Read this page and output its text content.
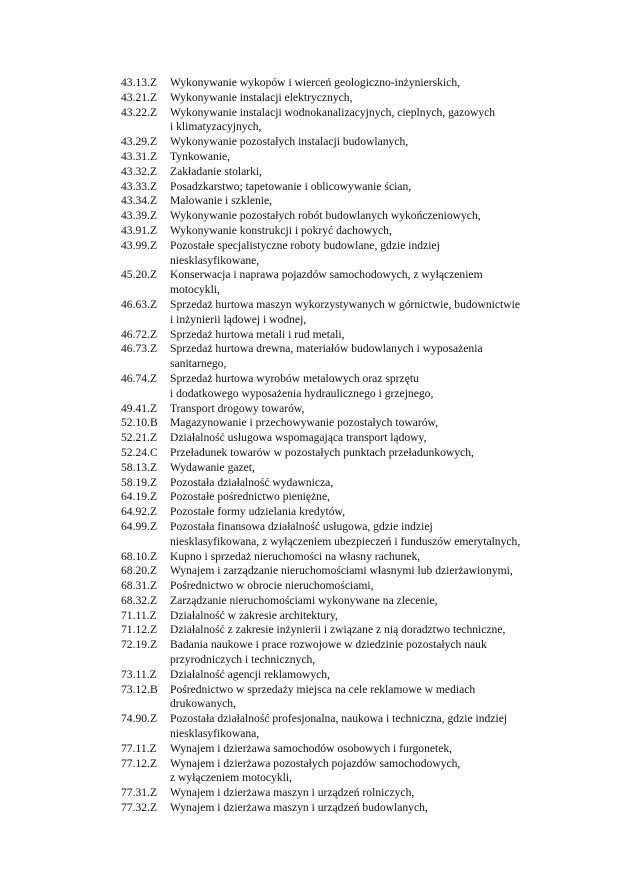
43.13.Z	Wykonywanie wykopów i wierceń geologiczno-inżynierskich,
43.21.Z	Wykonywanie instalacji elektrycznych,
43.22.Z	Wykonywanie instalacji wodnokanalizacyjnych, cieplnych, gazowych
i klimatyzacyjnych,
43.29.Z	Wykonywanie pozostałych instalacji budowlanych,
43.31.Z	Tynkowanie,
43.32.Z	Zakładanie stolarki,
43.33.Z	Posadzkarstwo; tapetowanie i oblicowywanie ścian,
43.34.Z	Malowanie i szklenie,
43.39.Z	Wykonywanie pozostałych robót budowlanych wykończeniowych,
43.91.Z	Wykonywanie konstrukcji i pokryć dachowych,
43.99.Z	Pozostałe specjalistyczne roboty budowlane, gdzie indziej
niesklasyfikowane,
45.20.Z	Konserwacja i naprawa pojazdów samochodowych, z wyłączeniem
motocykli,
46.63.Z	Sprzedaż hurtowa maszyn wykorzystywanych w górnictwie, budownictwie
i inżynierii lądowej i wodnej,
46.72.Z	Sprzedaż hurtowa metali i rud metali,
46.73.Z	Sprzedaż hurtowa drewna, materiałów budowlanych i wyposażenia
sanitarnego,
46.74.Z	Sprzedaż hurtowa wyrobów metalowych oraz sprzętu
i dodatkowego wyposażenia hydraulicznego i grzejnego,
49.41.Z	Transport drogowy towarów,
52.10.B	Magazynowanie i przechowywanie pozostałych towarów,
52.21.Z	Działalność usługowa wspomagająca transport lądowy,
52.24.C	Przeładunek towarów w pozostałych punktach przeładunkowych,
58.13.Z	Wydawanie gazet,
58.19.Z	Pozostała działalność wydawnicza,
64.19.Z	Pozostałe pośrednictwo pieniężne,
64.92.Z	Pozostałe formy udzielania kredytów,
64.99.Z	Pozostała finansowa działalność usługowa, gdzie indziej
niesklasyfikowana, z wyłączeniem ubezpieczeń i funduszów emerytalnych,
68.10.Z	Kupno i sprzedaż nieruchomości na własny rachunek,
68.20.Z	Wynajem i zarządzanie nieruchomościami własnymi lub dzierżawionymi,
68.31.Z	Pośrednictwo w obrocie nieruchomościami,
68.32.Z	Zarządzanie nieruchomościami wykonywane na zlecenie,
71.11.Z	Działalność w zakresie architektury,
71.12.Z	Działalność z zakresie inżynierii i związane z nią doradztwo techniczne,
72.19.Z	Badania naukowe i prace rozwojowe w dziedzinie pozostałych nauk
przyrodniczych i technicznych,
73.11.Z	Działalność agencji reklamowych,
73.12.B	Pośrednictwo w sprzedaży miejsca na cele reklamowe w mediach
drukowanych,
74.90.Z	Pozostała działalność profesjonalna, naukowa i techniczna, gdzie indziej
niesklasyfikowana,
77.11.Z	Wynajem i dzierżawa samochodów osobowych i furgonetek,
77.12.Z	Wynajem i dzierżawa pozostałych pojazdów samochodowych,
z wyłączeniem motocykli,
77.31.Z	Wynajem i dzierżawa maszyn i urządzeń rolniczych,
77.32.Z	Wynajem i dzierżawa maszyn i urządzeń budowlanych,
